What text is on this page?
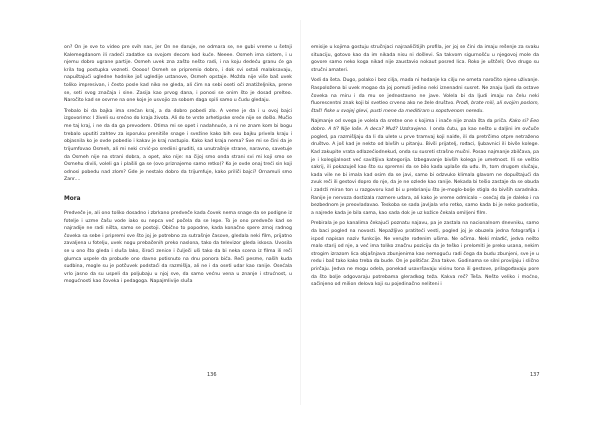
on? On je sve to video pre svih nas, jer On ne daruje, ne odmara se, ne gubi vreme u šetnji Kalemegdanom ili radeći zadatke sa svojom decom kod kuće. Neeee. Osmeh ima sistem, i u njemu dobro ugrane partije. Osmeh uvek zna zašto nešto radi, i na koju dedeću granu će ga krila tog postupka vezneti. Ooooo! Osmeh se pripremio dobro, i dok svi ostali malaksavaju, napuštajući ugledne hodnike još ugledije ustanove, Osmeh opstaje. Možda nije više baš uvek toliko impresivan, i često posle kad niko ne gleda, ali ćim na sebi oseti oči znatiželjnika, prene se, seti svog značaja i sine. Zasija kao prvog dana, i ponosi se onim što je dosad prelteo. Naročito kad se osvrne na one koje je usvojio za sobom daga spili samo u čudu gledaju.

Trebalo bi da bajka ima srećan kraj, a da dobro pobedi zlo. A veme je da i u ovoj bajci izgovorimo: I živeli su srećno do kraja života. Ali do te vrste arhetipske sreće nije se došlo. Mučio me taj kraj, i ne da da ga prevodem. Otima mi se opet i nadahnuće, a ni ne znam kom bi bogu trebalo uputiti zahtev za isporuku prenitiše snage i svežine kako bih ovu bajku privela kraju i objasnila ko je ovde pobedio i kakav je kraj nastupio. Kako kad kraja nema? Sve mi se čini da je trijumfovao Osmeh, ali mi neki crvić-po srediini gruditi, sa unutrašnje strane, naravno, savetuje da Osmeh nije na strani dobra, a opet, ako nije: na čijoj smo onda strani svi mi koji smo se Osmehu divili, voleli ga i plašili ga se (ovo priznajemo samo retko)? Ko je ovde onaj treći sin koji odnosi pobedu nad zlom? Gde je nestalo dobro da trijumfuje, kako priliči bajci? Ornamuli smo Zanr....

Mora

Predveče je, ali ono toliko dosadno i zbrkano predveče kada čovek nema snage da se podigne iz fotelje i uzme čašu vode iako su nepca već počela da se lepe. To je ono predveče kad se najradije ne radi ništa, samo se postoji. Obično to popodne, kada konačno spere zrnoj radnog čoveka sa sebe i pripremi sve što joj je potrebno za sutrašnje časove, gledala neki film, prijatno zavaljena u fotelju, uvek nogu prebačenih preko naslona, tako da televizor gleda iskosa. Uvosila se u ono što gleda i sluša lako, široći zenice i čulječi uši tako da bi neka scena iz filma ili reči glumca uspele da probude ono davno potisnuto na dnu ponora bića. Reči pesme, naših kuda sudbina, mogle su je potčuvek podstaći da razmišlja, ali ne i da oseti udar kao ranije. Osećala vrlo jasno da su uspeli da poljubaju u njoj sve, da samo većnu vena u znanje i strućnost, u mogućnosti kao čoveka i pedagoga. Napajmlivije sluša

136

emisije u kojima gostuju stručnjaci najraaličitijih profila, jer joj se čini da imaju rešenje za svaku situaciju, gotovo kao da im nikada nisu ni došlevi. Sa takvom sigurnošću u njegovoj mole da govore samo neko koga nikad nije zaustavio nokaut posred lica. Roko je uštčeli; Ovo drugo su stručni amateri.

Vodi da šeta. Dugo, polako i bez cilja, mada ni hodanje ka cilju ne ometa naročito njeno uživanje. Raspoložena bi uvek mogao da joj pomuti jedino neki iznenadni susret. Ne znaju ljudi da ostave čoveka na miru i da mu se jednostavno ne jave. Volela bi da ljudi imaju na čelu neki fluorescentni znak koji bi svetleo crveno ako ne žele društvo. Prođi, brate mili, ali svojim poslom, štaš! fiske u svojej glevi, pusti mene da meditiram u sopstvenom neredu.

Najmanje od svega je volela da sretne one s kojima i inače nije znala šta da priča. Kako si? Eeo dobro. A ti? Nije loše. A deca? Muž? Uzdravjeno. I onda ćutu, pa kao nešto u daljini im ovčuče pogled, pa razmišljaju da li da ulete u prve tramvaj koji naiđe, ili da pretrčimo otpre netraženo društvo. A još kad je nekto od bivših u pitanju. Bivši prijatelj, rođaci, ljubavnici ili bivše kolege. Kad zakupite vrata odlazećiodnekud, onda su susreti strašno mučni. Posao najmanje zbilčava, pa je i kolegijalnost već savitljiva kategorija. Izbegavanje bivših kolega je umetnost. Ili se veštio sakrij, ili pokazuješ kao što su spremni da se bilo kada uplaše da uđu. Ih, tom drugom slučaju, kada vile ne bi imala kad osim da se javi, samo bi odzvuko klimala glavom ne dopuštajući da zvuk reči ili gestovi dopro do nje, da je ne ozlede kao ranije. Nekada bi tešio zastaje da se obuda i zadrži miran ton u razgovoru kad bi u prebrianju što je-moglo-bolje stigla do bivših saradnika. Ranije je nervoza dostizala razmere udara, ali kako je vreme odmicalo – osećaj da je daleko i na bezbednom je preovladavao. Teskoba se sada javljala vrlo retko, samo kada bi je neko podsetio, a najrede kada je bila sama, kao sada dok je uz kožice čekala omiljeni film.

Prebirala je po kanalima čekajući poznatu najavu, pa je zastala na nacionalnom dnevniku, samo da baci pogled na novosti. Nepažljivo pratiteći vesti, pogled joj je obuzela jedna fotografija i ispod napisan naziv funkcije. Ne verujte rođenim ušima. Ne očima. Neki mlađić, jedva nešto malo starij od nje, a već ima toliko značnu poziciju da je teško i prelomiti je preko usana, nekim strogim izrazom lica objašnjava zbunjenima kao nemoguću radi čega da budu zbunjeni, sve je u redu i baš tako kako treba da bude. On je političar. Zna takve. Godinama se silni provijaju i slično prirčaju. Jedva ne mogu odela, ponekad usavršavaju visinu tona ili gestove, prilagođavaju pore da što bolje odgovaraju potrebama gleradkog teža. Kakva reč? Teša. Nešto veliko i moćno, sačinjeno od milion delova koji su pojedinačno neliteni i

137
